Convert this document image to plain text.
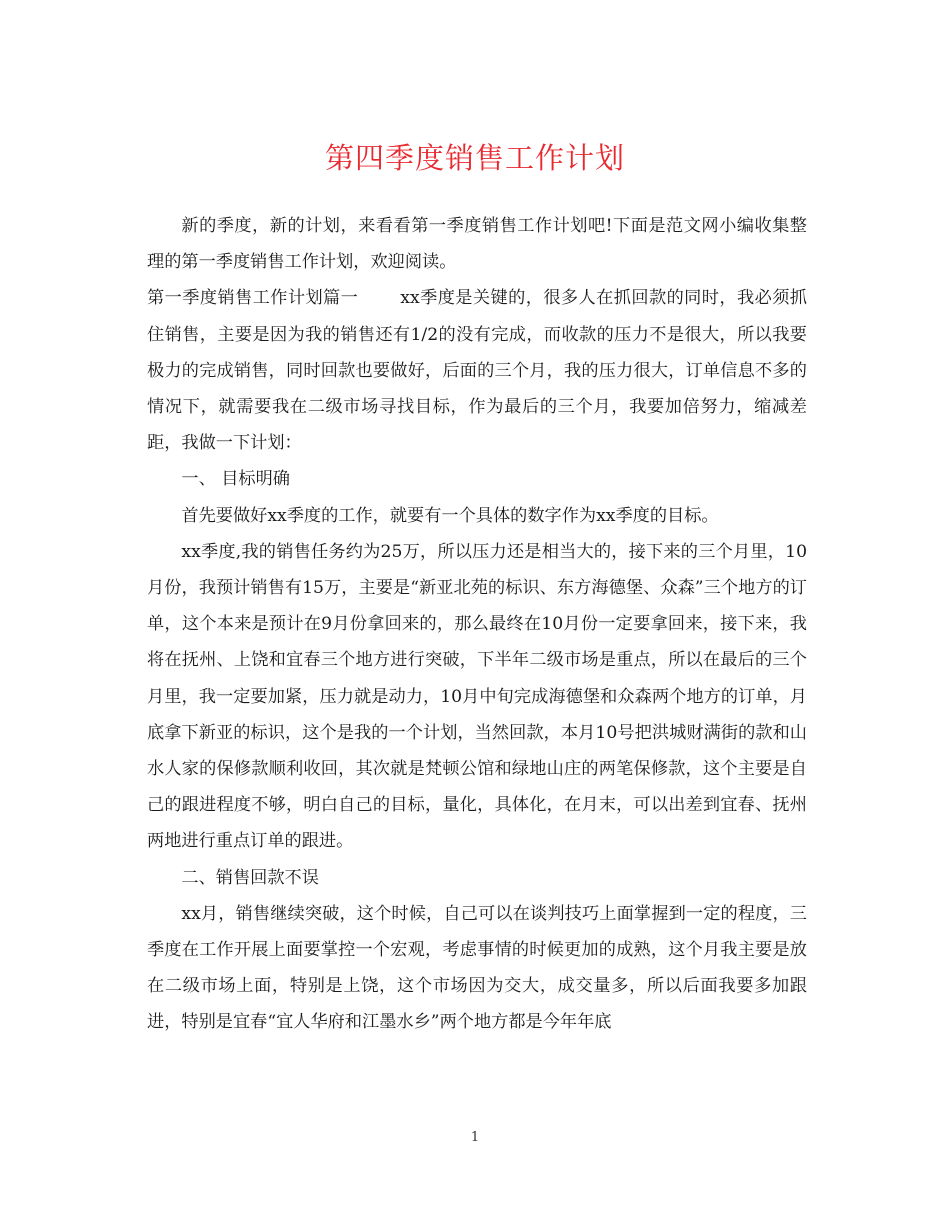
第四季度销售工作计划

新的季度，新的计划，来看看第一季度销售工作计划吧!下面是范文网小编收集整理的第一季度销售工作计划，欢迎阅读。

第一季度销售工作计划篇一 xx季度是关键的，很多人在抓回款的同时，我必须抓住销售，主要是因为我的销售还有1/2的没有完成，而收款的压力不是很大，所以我要极力的完成销售，同时回款也要做好，后面的三个月，我的压力很大，订单信息不多的情况下，就需要我在二级市场寻找目标，作为最后的三个月，我要加倍努力，缩减差距，我做一下计划：

一、 目标明确

首先要做好xx季度的工作，就要有一个具体的数字作为xx季度的目标。

xx季度,我的销售任务约为25万，所以压力还是相当大的，接下来的三个月里，10月份，我预计销售有15万，主要是“新亚北苑的标识、东方海德堡、众森”三个地方的订单，这个本来是预计在9月份拿回来的，那么最终在10月份一定要拿回来，接下来，我将在抚州、上饶和宜春三个地方进行突破，下半年二级市场是重点，所以在最后的三个月里，我一定要加紧，压力就是动力，10月中旬完成海德堡和众森两个地方的订单，月底拿下新亚的标识，这个是我的一个计划，当然回款，本月10号把洪城财满街的款和山水人家的保修款顺利收回，其次就是梵顿公馆和绿地山庄的两笔保修款，这个主要是自己的跟进程度不够，明白自己的目标，量化，具体化，在月末，可以出差到宜春、抚州两地进行重点订单的跟进。

二、销售回款不误

xx月，销售继续突破，这个时候，自己可以在谈判技巧上面掌握到一定的程度，三季度在工作开展上面要掌控一个宏观，考虑事情的时候更加的成熟，这个月我主要是放在二级市场上面，特别是上饶，这个市场因为交大，成交量多，所以后面我要多加跟进，特别是宜春“宜人华府和江墨水乡”两个地方都是今年年底

1
